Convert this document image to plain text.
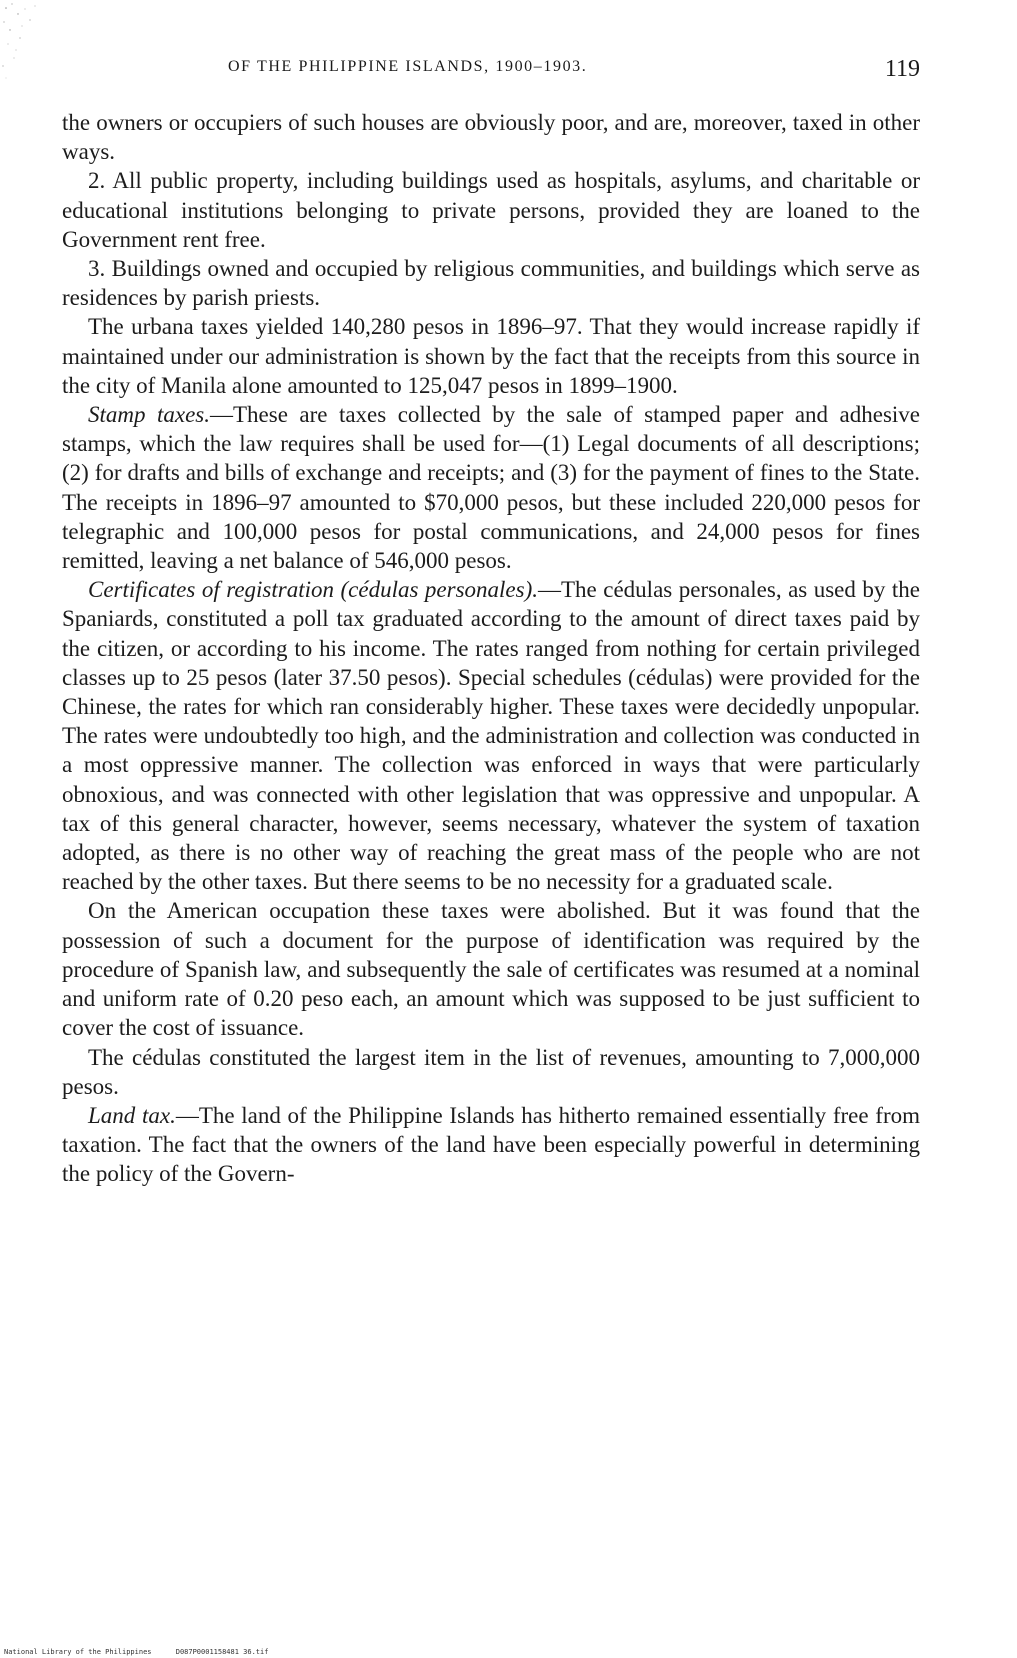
OF THE PHILIPPINE ISLANDS, 1900–1903.	119

the owners or occupiers of such houses are obviously poor, and are, moreover, taxed in other ways.

2. All public property, including buildings used as hospitals, asylums, and charitable or educational institutions belonging to private persons, provided they are loaned to the Government rent free.

3. Buildings owned and occupied by religious communities, and buildings which serve as residences by parish priests.

The urbana taxes yielded 140,280 pesos in 1896–97. That they would increase rapidly if maintained under our administration is shown by the fact that the receipts from this source in the city of Manila alone amounted to 125,047 pesos in 1899–1900.

Stamp taxes.—These are taxes collected by the sale of stamped paper and adhesive stamps, which the law requires shall be used for—(1) Legal documents of all descriptions; (2) for drafts and bills of exchange and receipts; and (3) for the payment of fines to the State. The receipts in 1896–97 amounted to $70,000 pesos, but these included 220,000 pesos for telegraphic and 100,000 pesos for postal communications, and 24,000 pesos for fines remitted, leaving a net balance of 546,000 pesos.

Certificates of registration (cédulas personales).—The cédulas personales, as used by the Spaniards, constituted a poll tax graduated according to the amount of direct taxes paid by the citizen, or according to his income. The rates ranged from nothing for certain privileged classes up to 25 pesos (later 37.50 pesos). Special schedules (cédulas) were provided for the Chinese, the rates for which ran considerably higher. These taxes were decidedly unpopular. The rates were undoubtedly too high, and the administration and collection was conducted in a most oppressive manner. The collection was enforced in ways that were particularly obnoxious, and was connected with other legislation that was oppressive and unpopular. A tax of this general character, however, seems necessary, whatever the system of taxation adopted, as there is no other way of reaching the great mass of the people who are not reached by the other taxes. But there seems to be no necessity for a graduated scale.

On the American occupation these taxes were abolished. But it was found that the possession of such a document for the purpose of identification was required by the procedure of Spanish law, and subsequently the sale of certificates was resumed at a nominal and uniform rate of 0.20 peso each, an amount which was supposed to be just sufficient to cover the cost of issuance.

The cédulas constituted the largest item in the list of revenues, amounting to 7,000,000 pesos.

Land tax.—The land of the Philippine Islands has hitherto remained essentially free from taxation. The fact that the owners of the land have been especially powerful in determining the policy of the Govern-

National Library of the Philippines	D087P0001158481 36.tif
